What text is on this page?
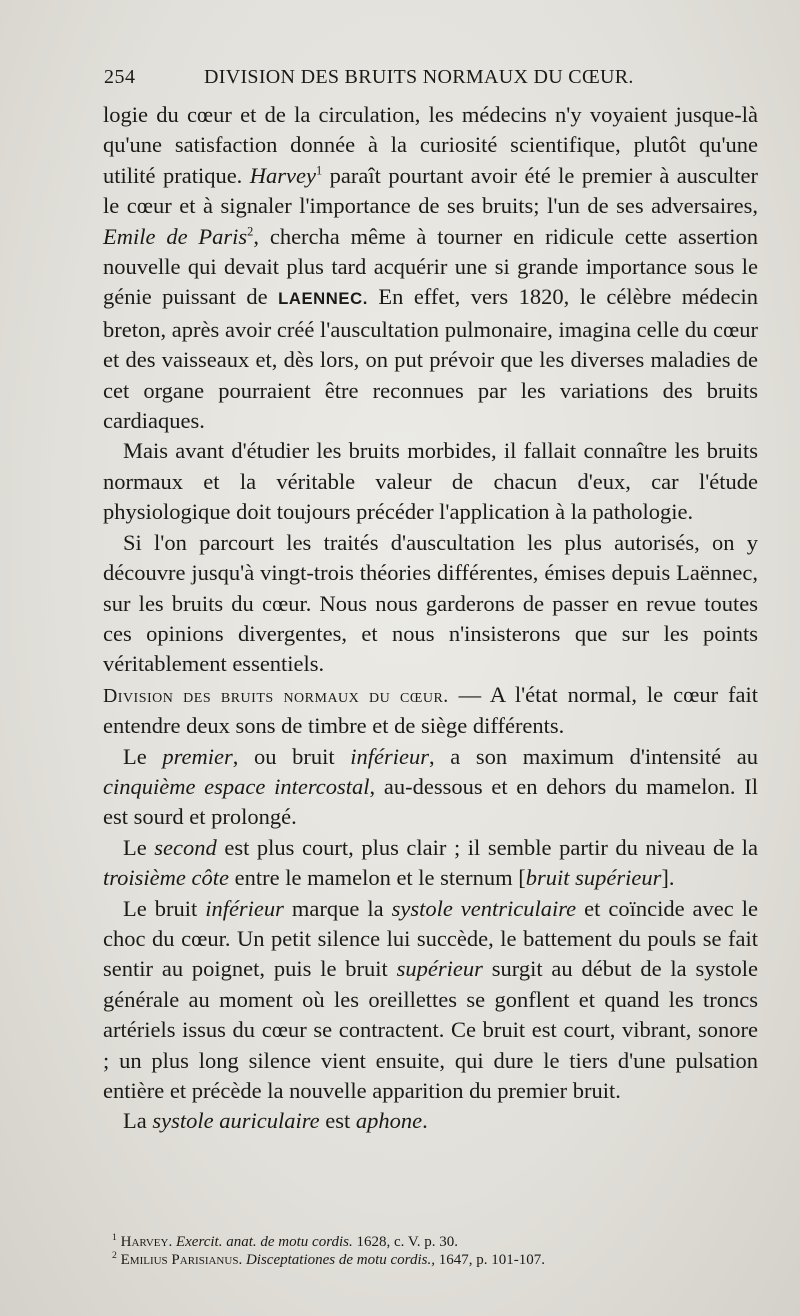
254	DIVISION DES BRUITS NORMAUX DU CŒUR.

logie du cœur et de la circulation, les médecins n'y voyaient jusque-là qu'une satisfaction donnée à la curiosité scientifique, plutôt qu'une utilité pratique. Harvey$^1$ paraît pourtant avoir été le premier à ausculter le cœur et à signaler l'importance de ses bruits; l'un de ses adversaires, Emile de Paris$^2$, chercha même à tourner en ridicule cette assertion nouvelle qui devait plus tard acquérir une si grande importance sous le génie puissant de LAENNEC. En effet, vers 1820, le célèbre médecin breton, après avoir créé l'auscultation pulmonaire, imagina celle du cœur et des vaisseaux et, dès lors, on put prévoir que les diverses maladies de cet organe pourraient être reconnues par les variations des bruits cardiaques.

Mais avant d'étudier les bruits morbides, il fallait connaître les bruits normaux et la véritable valeur de chacun d'eux, car l'étude physiologique doit toujours précéder l'application à la pathologie.

Si l'on parcourt les traités d'auscultation les plus autorisés, on y découvre jusqu'à vingt-trois théories différentes, émises depuis Laënnec, sur les bruits du cœur. Nous nous garderons de passer en revue toutes ces opinions divergentes, et nous n'insisterons que sur les points véritablement essentiels.

Division des bruits normaux du cœur. — A l'état normal, le cœur fait entendre deux sons de timbre et de siège différents.

Le premier, ou bruit inférieur, a son maximum d'intensité au cinquième espace intercostal, au-dessous et en dehors du mamelon. Il est sourd et prolongé.

Le second est plus court, plus clair ; il semble partir du niveau de la troisième côte entre le mamelon et le sternum [bruit supérieur].

Le bruit inférieur marque la systole ventriculaire et coïncide avec le choc du cœur. Un petit silence lui succède, le battement du pouls se fait sentir au poignet, puis le bruit supérieur surgit au début de la systole générale au moment où les oreillettes se gonflent et quand les troncs artériels issus du cœur se contractent. Ce bruit est court, vibrant, sonore ; un plus long silence vient ensuite, qui dure le tiers d'une pulsation entière et précède la nouvelle apparition du premier bruit.

La systole auriculaire est aphone.

$^1$ Harvey. Exercit. anat. de motu cordis. 1628, c. V. p. 30.

$^2$ Emilius Parisianus. Disceptationes de motu cordis., 1647, p. 101-107.
